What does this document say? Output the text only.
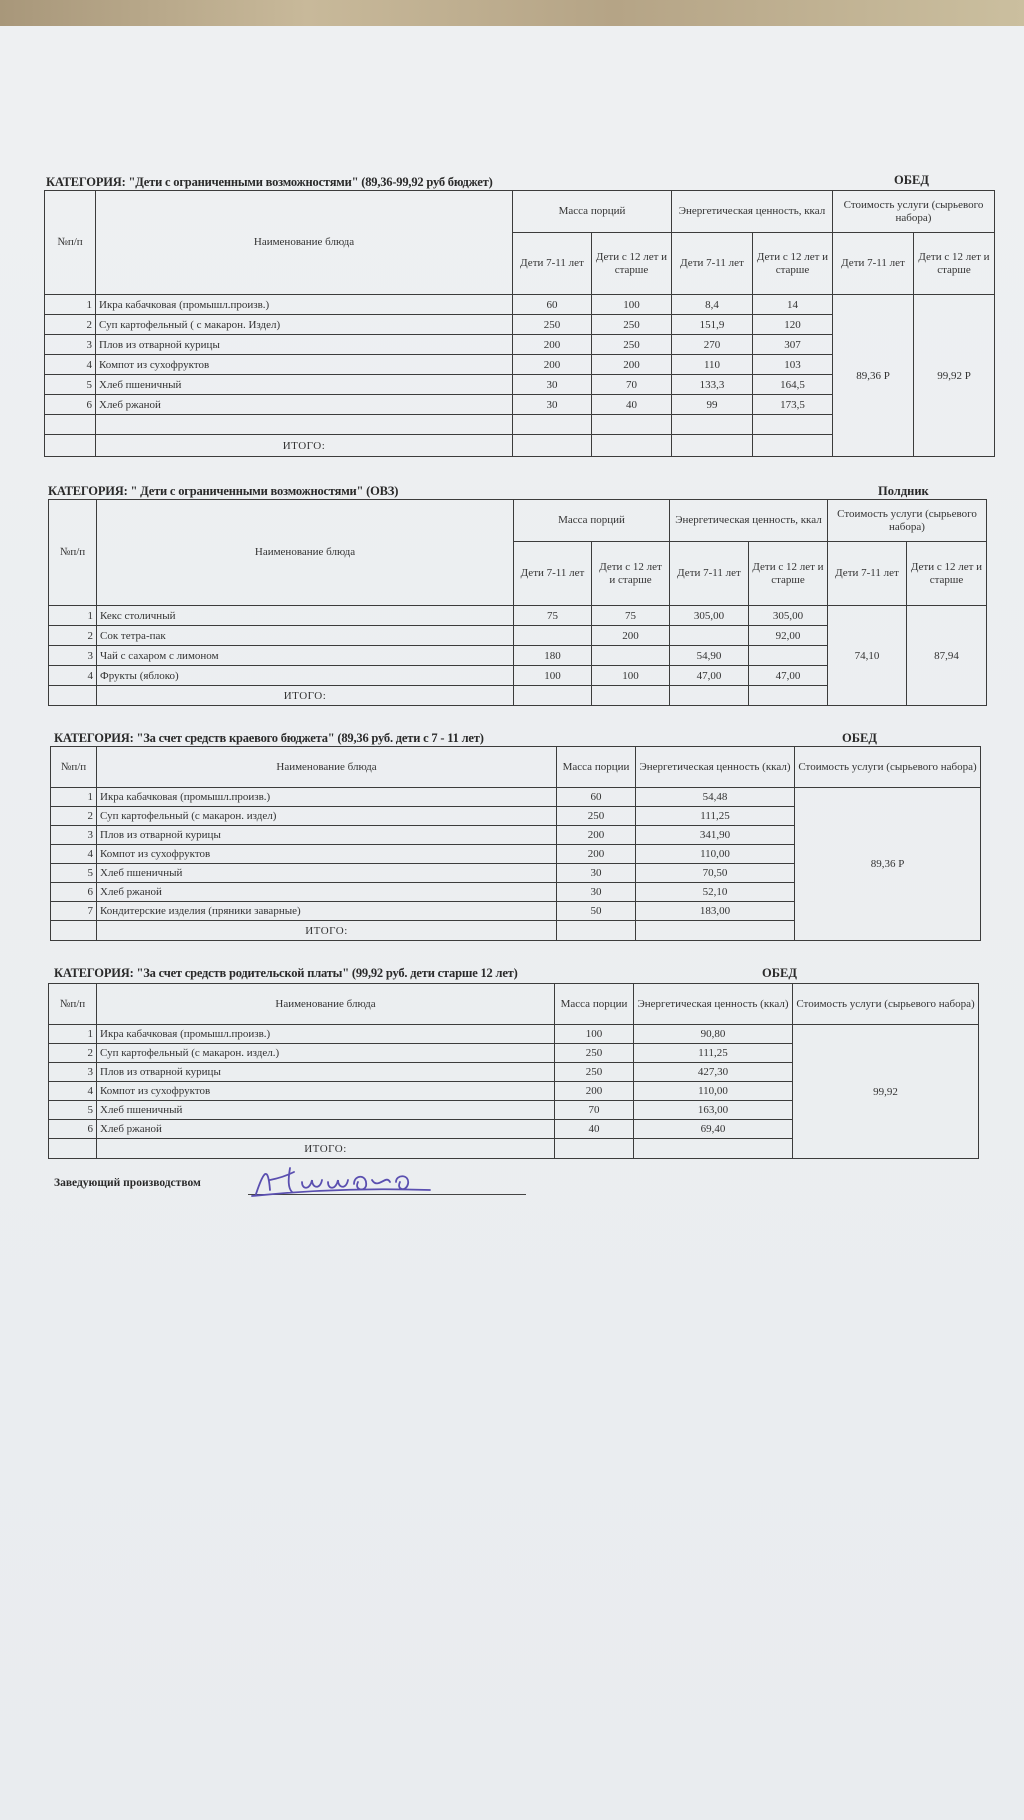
КАТЕГОРИЯ: "Дети с ограниченными возможностями" (89,36-99,92 руб бюджет)	ОБЕД
№п/п	Наименование блюда	Масса порций		Энергетическая ценность, ккал		Стоимость услуги (сырьевого набора)	
		Дети 7-11 лет	Дети с 12 лет и старше	Дети 7-11 лет	Дети с 12 лет и старше	Дети 7-11 лет	Дети с 12 лет и старше
1	Икра кабачковая (промышл.произв.)	60	100	8,4	14	89,36 Р	99,92 Р
2	Суп картофельный ( с макарон. Издел)	250	250	151,9	120		
3	Плов из отварной курицы	200	250	270	307		
4	Компот из сухофруктов	200	200	110	103		
5	Хлеб пшеничный	30	70	133,3	164,5		
6	Хлеб ржаной	30	40	99	173,5		

	ИТОГО:						
КАТЕГОРИЯ: " Дети с ограниченными возможностями" (ОВЗ)	Полдник
№п/п	Наименование блюда	Масса порций		Энергетическая ценность, ккал		Стоимость услуги (сырьевого набора)	
		Дети 7-11 лет	Дети с 12 лет и старше	Дети 7-11 лет	Дети с 12 лет и старше	Дети 7-11 лет	Дети с 12 лет и старше
1	Кекс столичный	75	75	305,00	305,00	74,10	87,94
2	Сок тетра-пак		200		92,00		
3	Чай с сахаром с лимоном	180		54,90			
4	Фрукты (яблоко)	100	100	47,00	47,00		
	ИТОГО:						
КАТЕГОРИЯ: "За счет средств краевого бюджета" (89,36 руб. дети с 7 - 11 лет)	ОБЕД
№п/п	Наименование блюда	Масса порции	Энергетическая ценность (ккал)	Стоимость услуги (сырьевого набора)
1	Икра кабачковая (промышл.произв.)	60	54,48	89,36 Р
2	Суп картофельный (с макарон. издел)	250	111,25	
3	Плов из отварной курицы	200	341,90	
4	Компот из сухофруктов	200	110,00	
5	Хлеб пшеничный	30	70,50	
6	Хлеб ржаной	30	52,10	
7	Кондитерские изделия (пряники заварные)	50	183,00	
	ИТОГО:			
КАТЕГОРИЯ: "За счет средств родительской платы" (99,92 руб. дети старше 12 лет)	ОБЕД
№п/п	Наименование блюда	Масса порции	Энергетическая ценность (ккал)	Стоимость услуги (сырьевого набора)
1	Икра кабачковая (промышл.произв.)	100	90,80	99,92
2	Суп картофельный (с макарон. издел.)	250	111,25	
3	Плов из отварной курицы	250	427,30	
4	Компот из сухофруктов	200	110,00	
5	Хлеб пшеничный	70	163,00	
6	Хлеб ржаной	40	69,40	
	ИТОГО:			
Заведующий производством
